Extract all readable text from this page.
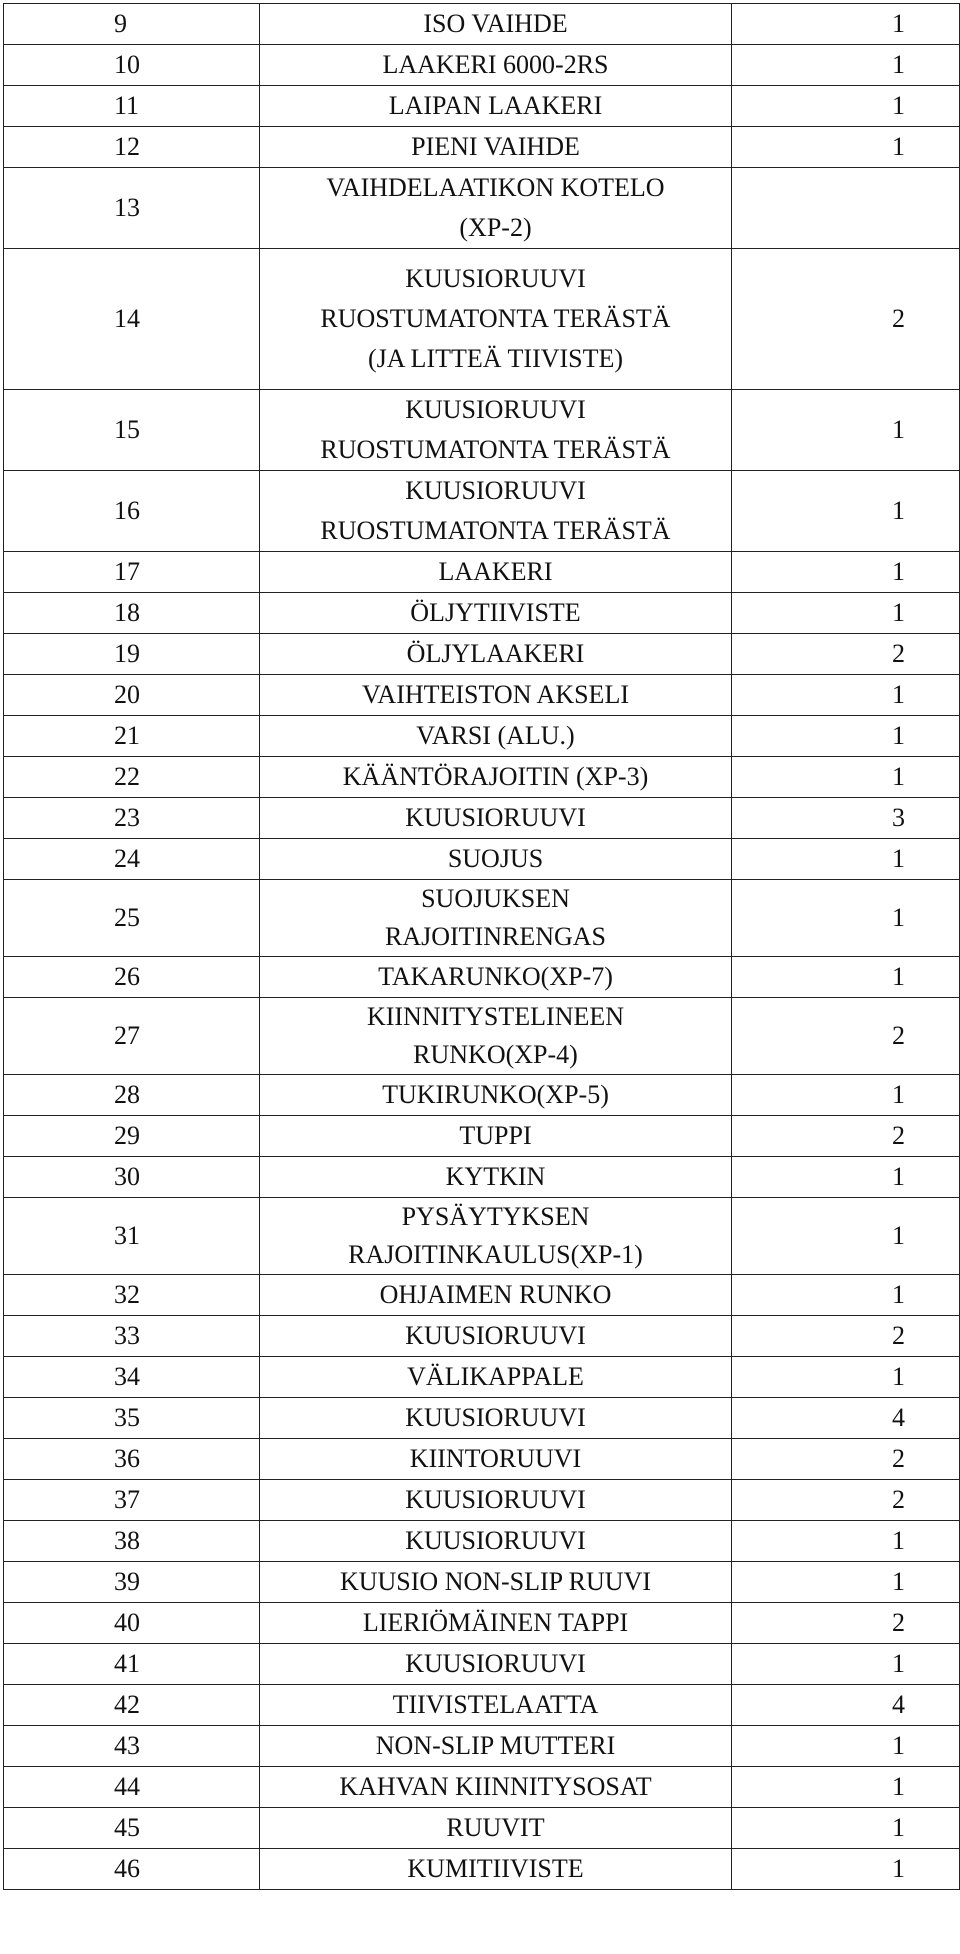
9	ISO VAIHDE	1
10	LAAKERI 6000-2RS	1
11	LAIPAN LAAKERI	1
12	PIENI VAIHDE	1
13	VAIHDELAATIKON KOTELO
(XP-2)	
14	KUUSIORUUVI
RUOSTUMATONTA TERÄSTÄ
(JA LITTEÄ TIIVISTE)	2
15	KUUSIORUUVI
RUOSTUMATONTA TERÄSTÄ	1
16	KUUSIORUUVI
RUOSTUMATONTA TERÄSTÄ	1
17	LAAKERI	1
18	ÖLJYTIIVISTE	1
19	ÖLJYLAAKERI	2
20	VAIHTEISTON AKSELI	1
21	VARSI (ALU.)	1
22	KÄÄNTÖRAJOITIN (XP-3)	1
23	KUUSIORUUVI	3
24	SUOJUS	1
25	SUOJUKSEN
RAJOITINRENGAS	1
26	TAKARUNKO(XP-7)	1
27	KIINNITYSTELINEEN
RUNKO(XP-4)	2
28	TUKIRUNKO(XP-5)	1
29	TUPPI	2
30	KYTKIN	1
31	PYSÄYTYKSEN
RAJOITINKAULUS(XP-1)	1
32	OHJAIMEN RUNKO	1
33	KUUSIORUUVI	2
34	VÄLIKAPPALE	1
35	KUUSIORUUVI	4
36	KIINTORUUVI	2
37	KUUSIORUUVI	2
38	KUUSIORUUVI	1
39	KUUSIO NON-SLIP RUUVI	1
40	LIERIÖMÄINEN TAPPI	2
41	KUUSIORUUVI	1
42	TIIVISTELAATTA	4
43	NON-SLIP MUTTERI	1
44	KAHVAN KIINNITYSOSAT	1
45	RUUVIT	1
46	KUMITIIVISTE	1
